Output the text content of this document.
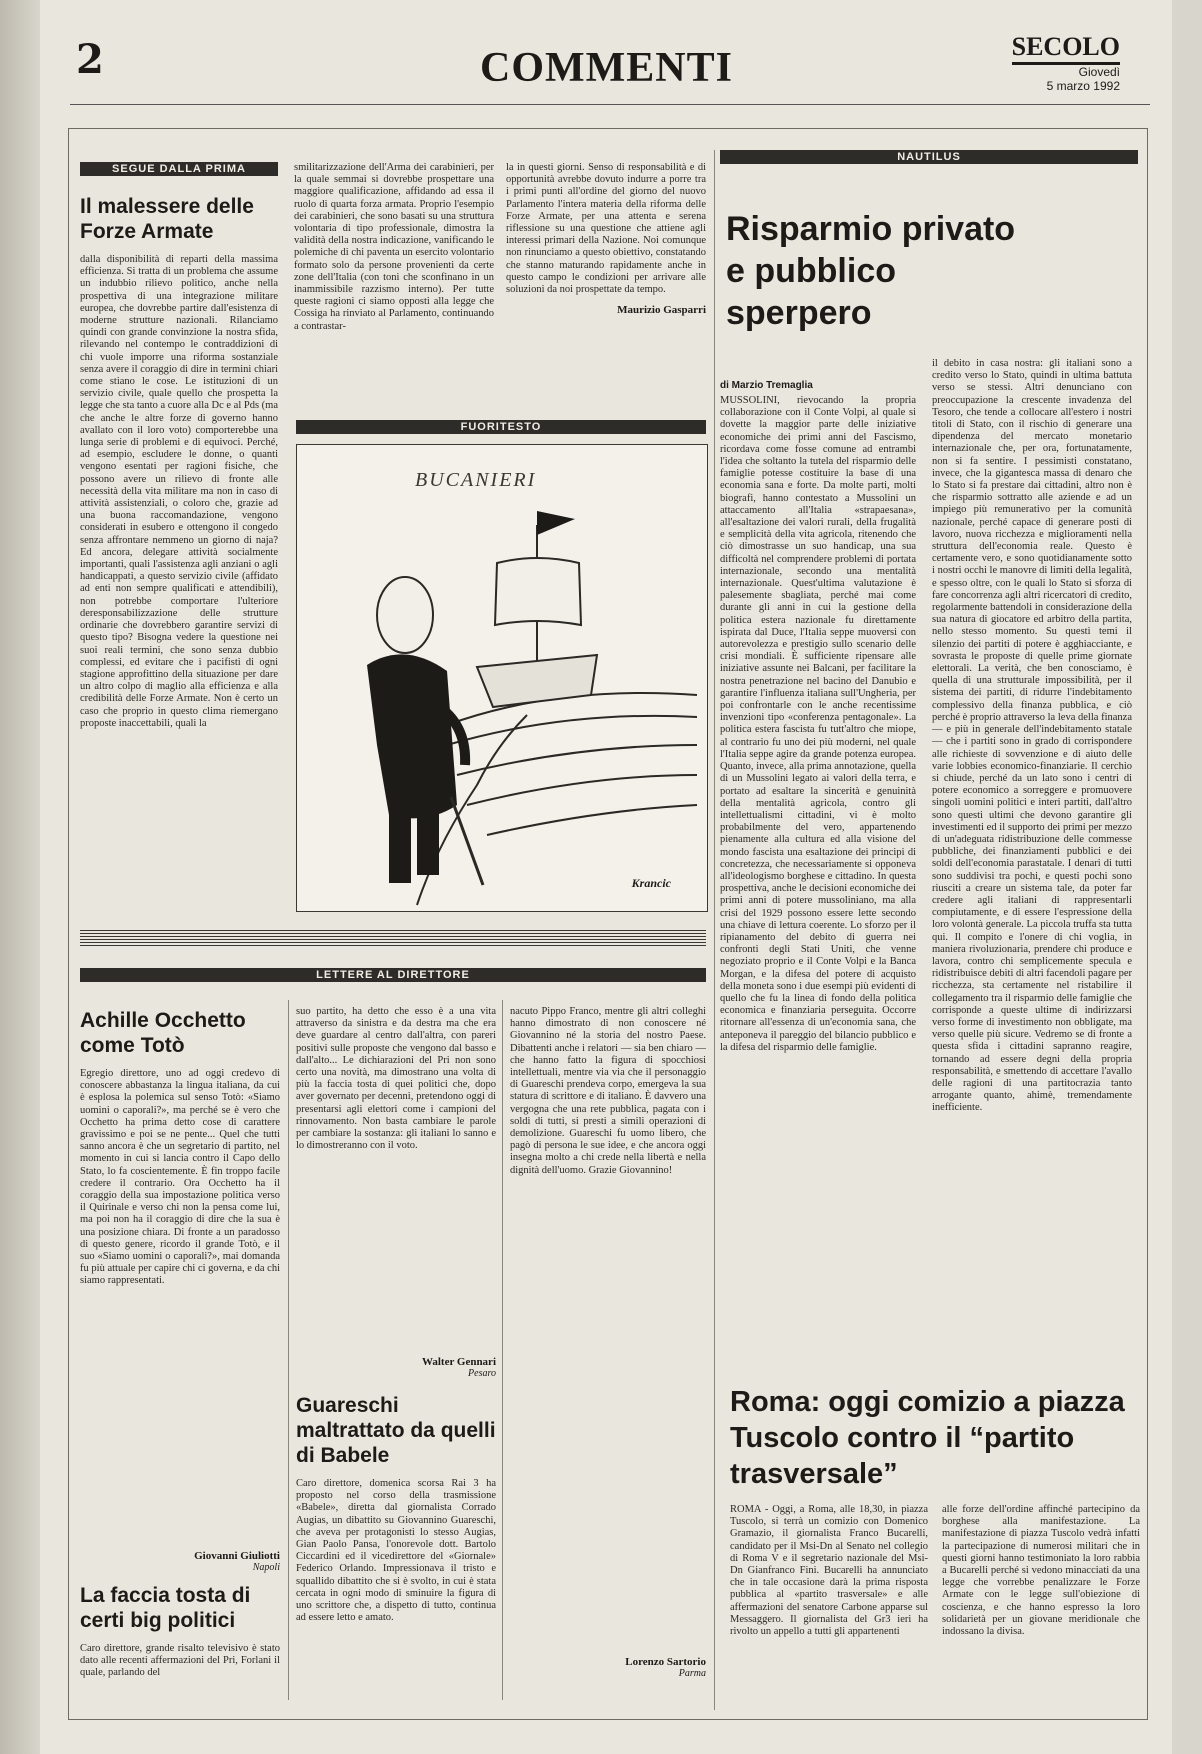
2	COMMENTI	SECOLO
Giovedì
5 marzo 1992
SEGUE DALLA PRIMA
Il malessere delle Forze Armate
dalla disponibilità di reparti della massima efficienza. Si tratta di un problema che assume un indubbio rilievo politico, anche nella prospettiva di una integrazione militare europea, che dovrebbe partire dall'esistenza di moderne strutture nazionali. Rilanciamo quindi con grande convinzione la nostra sfida, rilevando nel contempo le contraddizioni di chi vuole imporre una riforma sostanziale senza avere il coraggio di dire in termini chiari come stiano le cose. Le istituzioni di un servizio civile, quale quello che prospetta la legge che sta tanto a cuore alla Dc e al Pds (ma che anche le altre forze di governo hanno avallato con il loro voto) comporterebbe una lunga serie di problemi e di equivoci. Perché, ad esempio, escludere le donne, o quanti vengono esentati per ragioni fisiche, che possono avere un rilievo di fronte alle necessità della vita militare ma non in caso di attività assistenziali, o coloro che, grazie ad una buona raccomandazione, vengono considerati in esubero e ottengono il congedo senza affrontare nemmeno un giorno di naja? Ed ancora, delegare attività socialmente importanti, quali l'assistenza agli anziani o agli handicappati, a questo servizio civile (affidato ad enti non sempre qualificati e attendibili), non potrebbe comportare l'ulteriore deresponsabilizzazione delle strutture ordinarie che dovrebbero garantire servizi di questo tipo? Bisogna vedere la questione nei suoi reali termini, che sono senza dubbio complessi, ed evitare che i pacifisti di ogni stagione approfittino della situazione per dare un altro colpo di maglio alla efficienza e alla credibilità delle Forze Armate. Non è certo un caso che proprio in questo clima riemergano proposte inaccettabili, quali la
smilitarizzazione dell'Arma dei carabinieri, per la quale semmai si dovrebbe prospettare una maggiore qualificazione, affidando ad essa il ruolo di quarta forza armata. Proprio l'esempio dei carabinieri, che sono basati su una struttura volontaria di tipo professionale, dimostra la validità della nostra indicazione, vanificando le polemiche di chi paventa un esercito volontario formato solo da persone provenienti da certe zone dell'Italia (con toni che sconfinano in un inammissibile razzismo interno). Per tutte queste ragioni ci siamo opposti alla legge che Cossiga ha rinviato al Parlamento, continuando a contrastar-
la in questi giorni. Senso di responsabilità e di opportunità avrebbe dovuto indurre a porre tra i primi punti all'ordine del giorno del nuovo Parlamento l'intera materia della riforma delle Forze Armate, per una attenta e serena riflessione su una questione che attiene agli interessi primari della Nazione. Noi comunque non rinunciamo a questo obiettivo, constatando che stanno maturando rapidamente anche in questo campo le condizioni per arrivare alle soluzioni da noi prospettate da tempo.
Maurizio Gasparri
FUORITESTO
BUCANIERI
Krancic
NAUTILUS
Risparmio privato e pubblico sperpero
di Marzio Tremaglia
MUSSOLINI, rievocando la propria collaborazione con il Conte Volpi, al quale si dovette la maggior parte delle iniziative economiche dei primi anni del Fascismo, ricordava come fosse comune ad entrambi l'idea che soltanto la tutela del risparmio delle famiglie potesse costituire la base di una economia sana e forte. Da molte parti, molti biografi, hanno contestato a Mussolini un attaccamento all'Italia «strapaesana», all'esaltazione dei valori rurali, della frugalità e semplicità della vita agricola, ritenendo che ciò dimostrasse un suo handicap, una sua difficoltà nel comprendere problemi di portata internazionale, secondo una mentalità internazionale. Quest'ultima valutazione è palesemente sbagliata, perché mai come durante gli anni in cui la gestione della politica estera nazionale fu direttamente ispirata dal Duce, l'Italia seppe muoversi con autorevolezza e prestigio sullo scenario delle crisi mondiali. È sufficiente ripensare alle iniziative assunte nei Balcani, per facilitare la nostra penetrazione nel bacino del Danubio e garantire l'influenza italiana sull'Ungheria, per poi confrontarle con le anche recentissime invenzioni tipo «conferenza pentagonale». La politica estera fascista fu tutt'altro che miope, al contrario fu uno dei più moderni, nel quale l'Italia seppe agire da grande potenza europea. Quanto, invece, alla prima annotazione, quella di un Mussolini legato ai valori della terra, e portato ad esaltare la sincerità e genuinità della mentalità agricola, contro gli intellettualismi cittadini, vi è molto probabilmente del vero, appartenendo pienamente alla cultura ed alla visione del mondo fascista una esaltazione dei principi di concretezza, che necessariamente si opponeva all'ideologismo borghese e cittadino. In questa prospettiva, anche le decisioni economiche dei primi anni di potere mussoliniano, ma alla crisi del 1929 possono essere lette secondo una chiave di lettura coerente. Lo sforzo per il ripianamento del debito di guerra nei confronti degli Stati Uniti, che venne negoziato proprio e il Conte Volpi e la Banca Morgan, e la difesa del potere di acquisto della moneta sono i due esempi più evidenti di quello che fu la linea di fondo della politica economica e finanziaria perseguita. Occorre ritornare all'essenza di un'economia sana, che anteponeva il pareggio del bilancio pubblico e la difesa del risparmio delle famiglie.
il debito in casa nostra: gli italiani sono a credito verso lo Stato, quindi in ultima battuta verso se stessi. Altri denunciano con preoccupazione la crescente invadenza del Tesoro, che tende a collocare all'estero i nostri titoli di Stato, con il rischio di generare una dipendenza del mercato monetario internazionale che, per ora, fortunatamente, non si fa sentire. I pessimisti constatano, invece, che la gigantesca massa di denaro che lo Stato si fa prestare dai cittadini, altro non è che risparmio sottratto alle aziende e ad un impiego più remunerativo per la comunità nazionale, perché capace di generare posti di lavoro, nuova ricchezza e miglioramenti nella struttura dell'economia reale. Questo è certamente vero, e sono quotidianamente sotto i nostri occhi le manovre di limiti della legalità, e spesso oltre, con le quali lo Stato si sforza di fare concorrenza agli altri ricercatori di credito, regolarmente battendoli in considerazione della sua natura di giocatore ed arbitro della partita, nello stesso momento. Su questi temi il silenzio dei partiti di potere è agghiacciante, e sovrasta le proposte di quelle prime giornate elettorali. La verità, che ben conosciamo, è quella di una strutturale impossibilità, per il sistema dei partiti, di ridurre l'indebitamento complessivo della finanza pubblica, e ciò perché è proprio attraverso la leva della finanza — e più in generale dell'indebitamento statale — che i partiti sono in grado di corrispondere alle richieste di sovvenzione e di aiuto delle varie lobbies economico-finanziarie. Il cerchio si chiude, perché da un lato sono i centri di potere economico a sorreggere e promuovere singoli uomini politici e interi partiti, dall'altro sono questi ultimi che devono garantire gli investimenti ed il supporto dei primi per mezzo di un'adeguata ridistribuzione delle commesse pubbliche, dei finanziamenti pubblici e dei soldi dell'economia parastatale. I denari di tutti sono suddivisi tra pochi, e questi pochi sono riusciti a creare un sistema tale, da poter far credere agli italiani di rappresentarli compiutamente, e di essere l'espressione della loro volontà generale. La piccola truffa sta tutta qui. Il compito e l'onere di chi voglia, in maniera rivoluzionaria, prendere chi produce e lavora, contro chi semplicemente specula e ridistribuisce debiti di altri facendoli pagare per ricchezza, sta certamente nel ristabilire il collegamento tra il risparmio delle famiglie che corrisponde a queste ultime di indirizzarsi verso forme di investimento non obbligate, ma verso quelle più sicure. Vedremo se di fronte a questa sfida i cittadini sapranno reagire, tornando ad essere degni della propria responsabilità, e smettendo di accettare l'avallo delle ragioni di una partitocrazia tanto arrogante quanto, ahimè, tremendamente inefficiente.
LETTERE AL DIRETTORE
Achille Occhetto come Totò
Egregio direttore, uno ad oggi credevo di conoscere abbastanza la lingua italiana, da cui è esplosa la polemica sul senso Totò: «Siamo uomini o caporali?», ma perché se è vero che Occhetto ha prima detto cose di carattere gravissimo e poi se ne pente... Quel che tutti sanno ancora è che un segretario di partito, nel momento in cui si lancia contro il Capo dello Stato, lo fa coscientemente. È fin troppo facile credere il contrario. Ora Occhetto ha il coraggio della sua impostazione politica verso il Quirinale e verso chi non la pensa come lui, ma poi non ha il coraggio di dire che la sua è una posizione chiara. Di fronte a un paradosso di questo genere, ricordo il grande Totò, e il suo «Siamo uomini o caporali?», mai domanda fu più attuale per capire chi ci governa, e da chi siamo rappresentati.
Giovanni Giuliotti
Napoli
La faccia tosta di certi big politici
Caro direttore, grande risalto televisivo è stato dato alle recenti affermazioni del Pri, Forlani il quale, parlando del
suo partito, ha detto che esso è a una vita attraverso da sinistra e da destra ma che era deve guardare al centro dall'altra, con pareri positivi sulle proposte che vengono dal basso e dall'alto... Le dichiarazioni del Pri non sono certo una novità, ma dimostrano una volta di più la faccia tosta di quei politici che, dopo aver governato per decenni, pretendono oggi di presentarsi agli elettori come i campioni del rinnovamento. Non basta cambiare le parole per cambiare la sostanza: gli italiani lo sanno e lo dimostreranno con il voto.
Walter Gennari
Pesaro
Guareschi maltrattato da quelli di Babele
Caro direttore, domenica scorsa Rai 3 ha proposto nel corso della trasmissione «Babele», diretta dal giornalista Corrado Augias, un dibattito su Giovannino Guareschi, che aveva per protagonisti lo stesso Augias, Gian Paolo Pansa, l'onorevole dott. Bartolo Ciccardini ed il vicedirettore del «Giornale» Federico Orlando. Impressionava il tristo e squallido dibattito che si è svolto, in cui è stata cercata in ogni modo di sminuire la figura di uno scrittore che, a dispetto di tutto, continua ad essere letto e amato.
nacuto Pippo Franco, mentre gli altri colleghi hanno dimostrato di non conoscere né Giovannino né la storia del nostro Paese. Dibattenti anche i relatori — sia ben chiaro — che hanno fatto la figura di spocchiosi intellettuali, mentre via via che il personaggio di Guareschi prendeva corpo, emergeva la sua statura di scrittore e di italiano. È davvero una vergogna che una rete pubblica, pagata con i soldi di tutti, si presti a simili operazioni di demolizione. Guareschi fu uomo libero, che pagò di persona le sue idee, e che ancora oggi insegna molto a chi crede nella libertà e nella dignità dell'uomo. Grazie Giovannino!
Lorenzo Sartorio
Parma
Roma: oggi comizio a piazza Tuscolo contro il “partito trasversale”
ROMA - Oggi, a Roma, alle 18,30, in piazza Tuscolo, si terrà un comizio con Domenico Gramazio, il giornalista Franco Bucarelli, candidato per il Msi-Dn al Senato nel collegio di Roma V e il segretario nazionale del Msi-Dn Gianfranco Fini. Bucarelli ha annunciato che in tale occasione darà la prima risposta pubblica al «partito trasversale» e alle affermazioni del senatore Carbone apparse sul Messaggero. Il giornalista del Gr3 ieri ha rivolto un appello a tutti gli appartenenti
alle forze dell'ordine affinché partecipino da borghese alla manifestazione. La manifestazione di piazza Tuscolo vedrà infatti la partecipazione di numerosi militari che in questi giorni hanno testimoniato la loro rabbia a Bucarelli perché si vedono minacciati da una legge che vorrebbe penalizzare le Forze Armate con le legge sull'obiezione di coscienza, e che hanno espresso la loro solidarietà per un giovane meridionale che indossano la divisa.
